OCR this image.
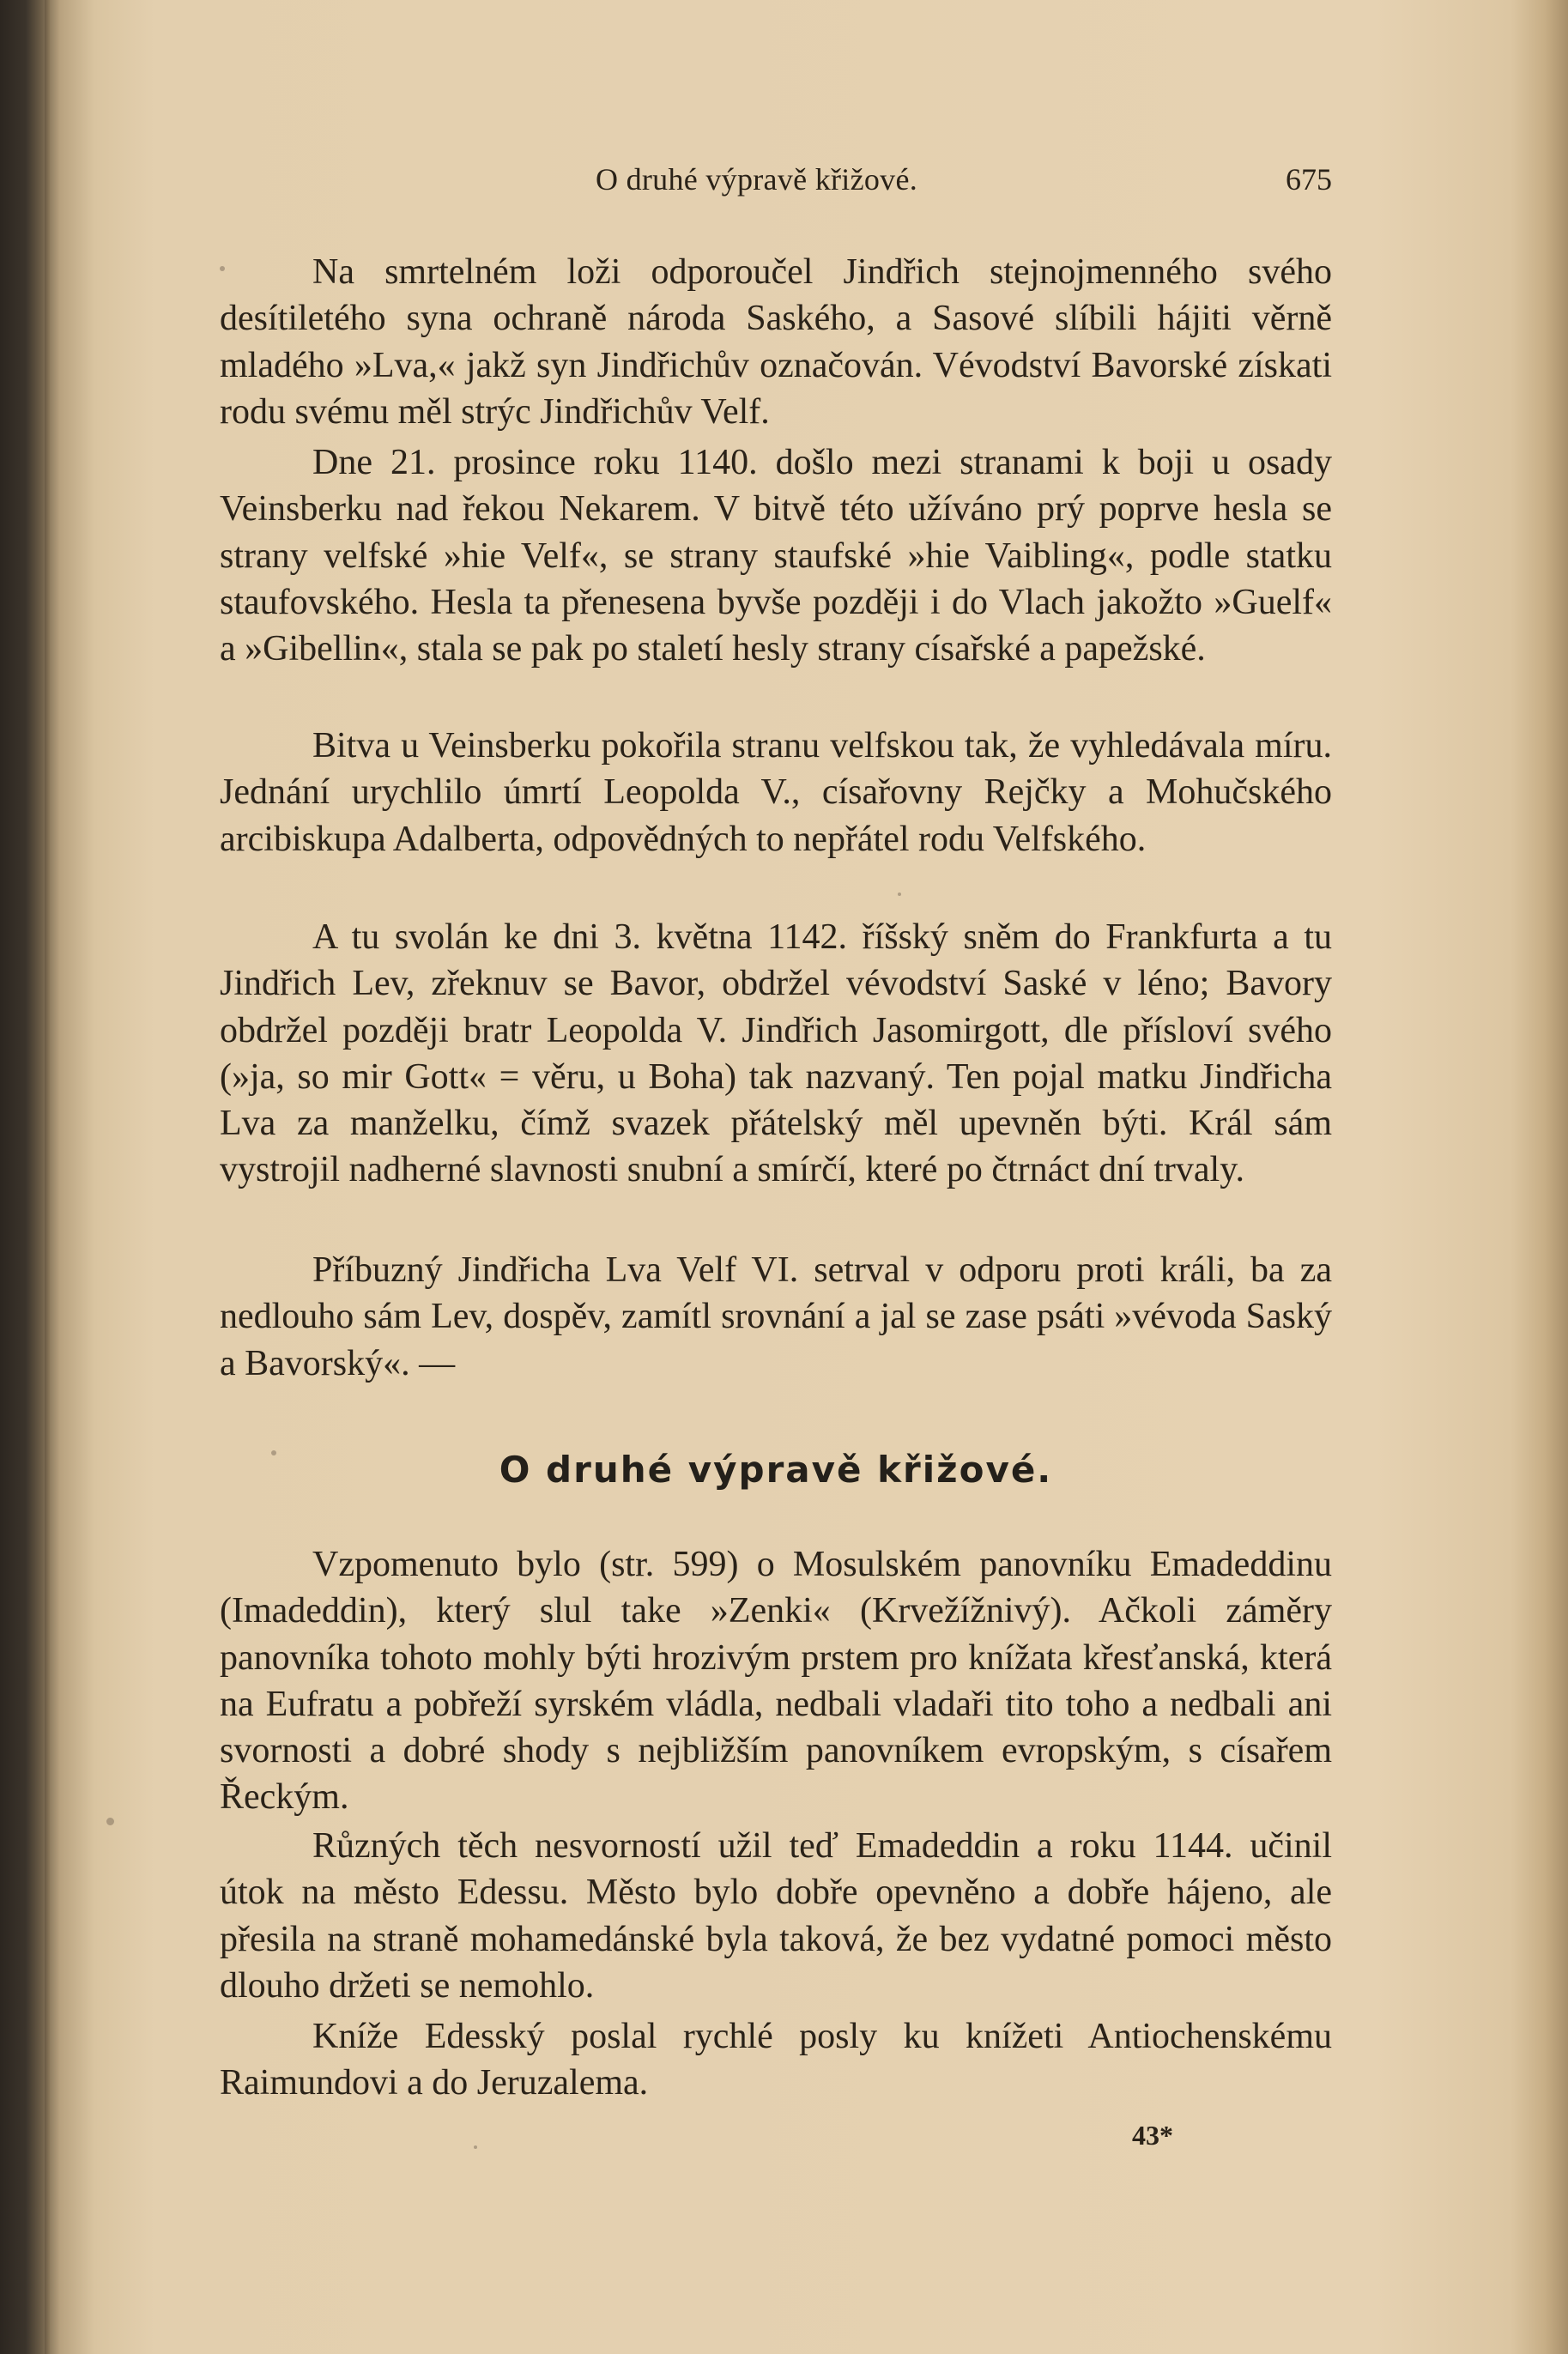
O druhé výpravě křižové.	675

Na smrtelném loži odporoučel Jindřich stejnojmenného svého desítiletého syna ochraně národa Saského, a Sasové slíbili hájiti věrně mladého »Lva,« jakž syn Jindřichův označován. Vévodství Bavorské získati rodu svému měl strýc Jindřichův Velf.

Dne 21. prosince roku 1140. došlo mezi stranami k boji u osady Veinsberku nad řekou Nekarem. V bitvě této užíváno prý poprve hesla se strany velfské »hie Velf«, se strany staufské »hie Vaibling«, podle statku staufovského. Hesla ta přenesena byvše později i do Vlach jakožto »Guelf« a »Gibellin«, stala se pak po staletí hesly strany císařské a papežské.

Bitva u Veinsberku pokořila stranu velfskou tak, že vyhledávala míru. Jednání urychlilo úmrtí Leopolda V., císařovny Rejčky a Mohučského arcibiskupa Adalberta, odpovědných to nepřátel rodu Velfského.

A tu svolán ke dni 3. května 1142. říšský sněm do Frankfurta a tu Jindřich Lev, zřeknuv se Bavor, obdržel vévodství Saské v léno; Bavory obdržel později bratr Leopolda V. Jindřich Jasomirgott, dle přísloví svého (»ja, so mir Gott« = věru, u Boha) tak nazvaný. Ten pojal matku Jindřicha Lva za manželku, čímž svazek přátelský měl upevněn býti. Král sám vystrojil nadherné slavnosti snubní a smírčí, které po čtrnáct dní trvaly.

Příbuzný Jindřicha Lva Velf VI. setrval v odporu proti králi, ba za nedlouho sám Lev, dospěv, zamítl srovnání a jal se zase psáti »vévoda Saský a Bavorský«. —

O druhé výpravě křižové.

Vzpomenuto bylo (str. 599) o Mosulském panovníku Emadeddinu (Imadeddin), který slul take »Zenki« (Krvežížnivý). Ačkoli záměry panovníka tohoto mohly býti hrozivým prstem pro knížata křesťanská, která na Eufratu a pobřeží syrském vládla, nedbali vladaři tito toho a nedbali ani svornosti a dobré shody s nejbližším panovníkem evropským, s císařem Řeckým.

Různých těch nesvorností užil teď Emadeddin a roku 1144. učinil útok na město Edessu. Město bylo dobře opevněno a dobře hájeno, ale přesila na straně mohamedánské byla taková, že bez vydatné pomoci město dlouho držeti se nemohlo.

Kníže Edesský poslal rychlé posly ku knížeti Antiochenskému Raimundovi a do Jeruzalema.

43*
